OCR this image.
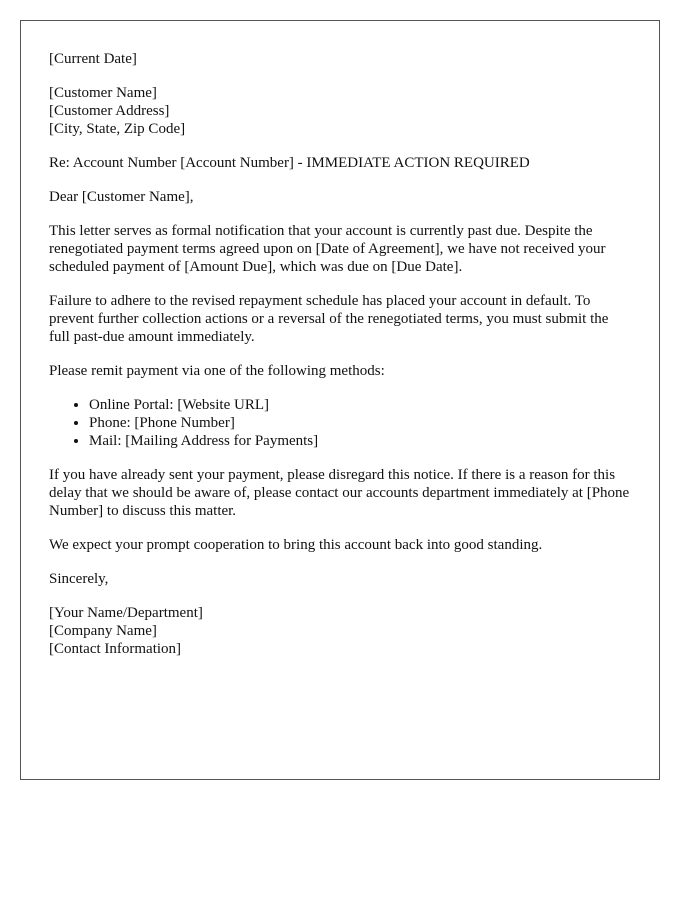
[Current Date]
[Customer Name]
[Customer Address]
[City, State, Zip Code]

Re: Account Number [Account Number] - IMMEDIATE ACTION REQUIRED

Dear [Customer Name],

This letter serves as formal notification that your account is currently past due. Despite the renegotiated payment terms agreed upon on [Date of Agreement], we have not received your scheduled payment of [Amount Due], which was due on [Due Date].

Failure to adhere to the revised repayment schedule has placed your account in default. To prevent further collection actions or a reversal of the renegotiated terms, you must submit the full past-due amount immediately.

Please remit payment via one of the following methods:

• Online Portal: [Website URL]
• Phone: [Phone Number]
• Mail: [Mailing Address for Payments]

If you have already sent your payment, please disregard this notice. If there is a reason for this delay that we should be aware of, please contact our accounts department immediately at [Phone Number] to discuss this matter.

We expect your prompt cooperation to bring this account back into good standing.

Sincerely,

[Your Name/Department]
[Company Name]
[Contact Information]
